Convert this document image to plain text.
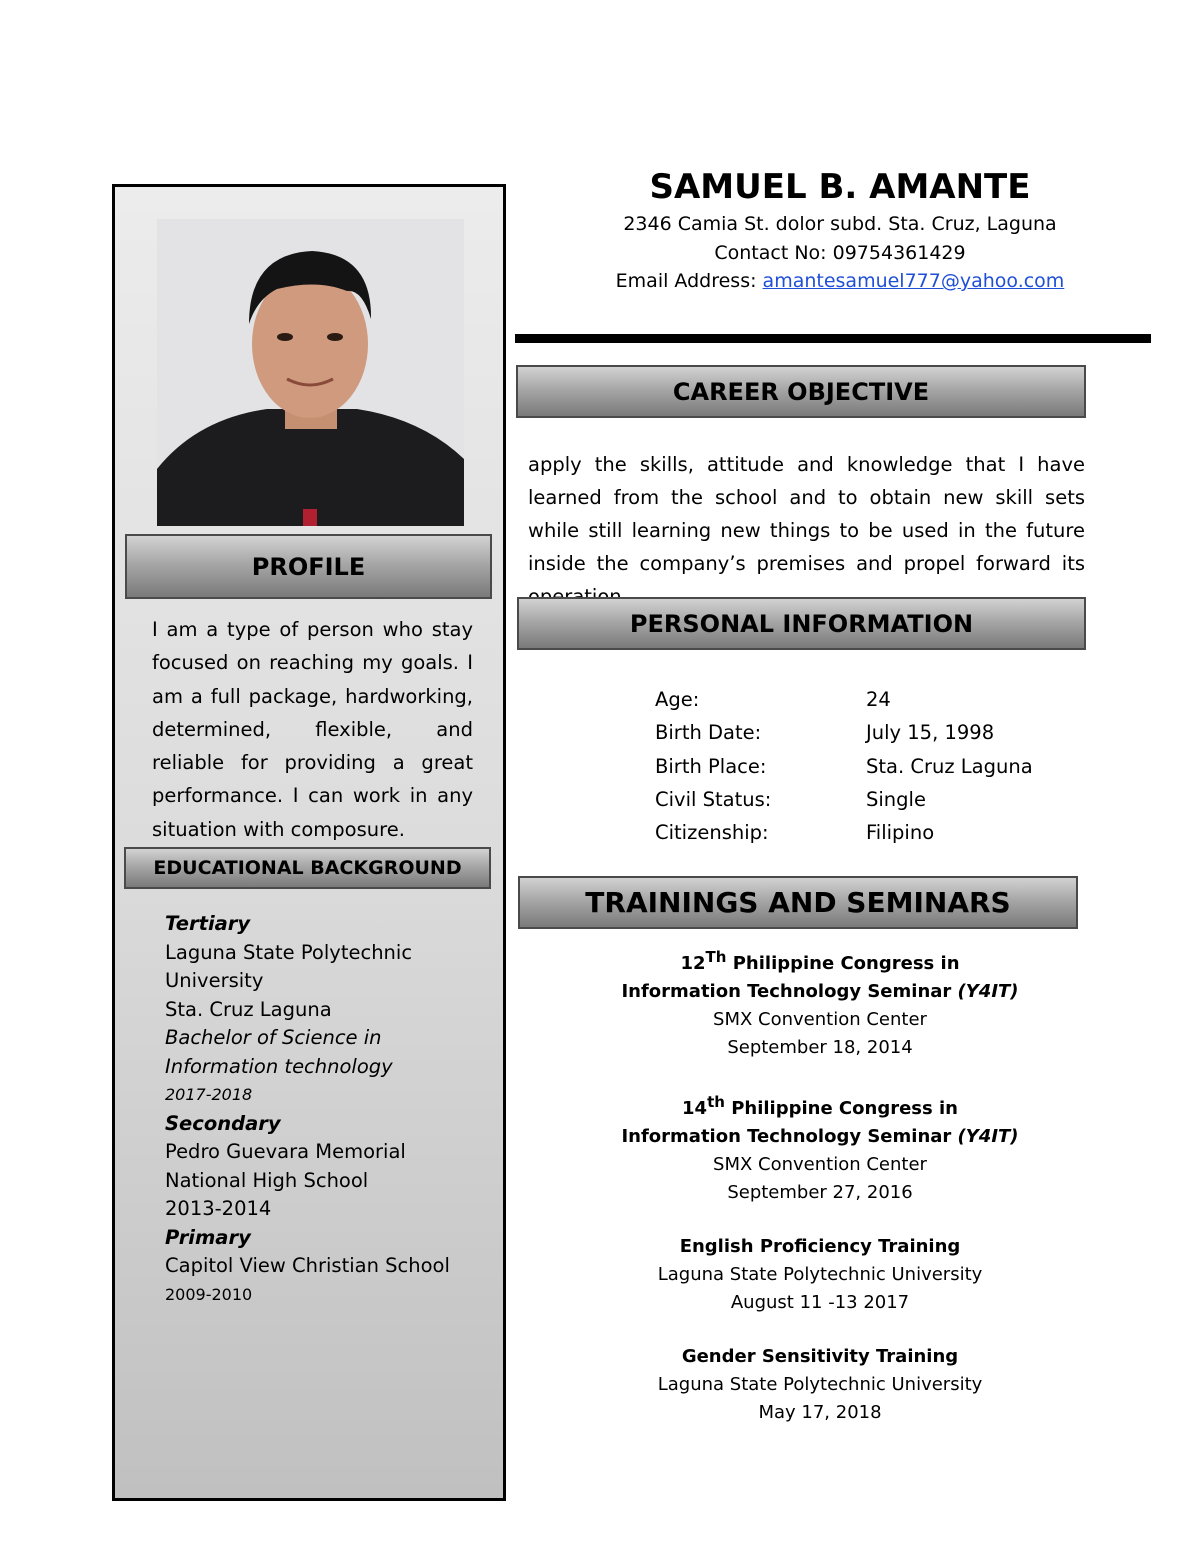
PROFILE
I am a type of person who stay focused on reaching my goals. I am a full package, hardworking, determined, flexible, and reliable for providing a great performance. I can work in any situation with composure.
EDUCATIONAL BACKGROUND
Tertiary
Laguna State Polytechnic
University
Sta. Cruz Laguna
Bachelor of Science in
Information technology
2017-2018
Secondary
Pedro Guevara Memorial
National High School
2013-2014
Primary
Capitol View Christian School
2009-2010
SAMUEL B. AMANTE
2346 Camia St. dolor subd. Sta. Cruz, Laguna
Contact No: 09754361429
Email Address: amantesamuel777@yahoo.com
CAREER OBJECTIVE
apply the skills, attitude and knowledge that I have learned from the school and to obtain new skill sets while still learning new things to be used in the future inside the company’s premises and propel forward its
PERSONAL INFORMATION
Age:	24
Birth Date:	July 15, 1998
Birth Place:	Sta. Cruz Laguna
Civil Status:	Single
Citizenship:	Filipino
TRAININGS AND SEMINARS
12Th Philippine Congress in
Information Technology Seminar (Y4IT)
SMX Convention Center
September 18, 2014
14th Philippine Congress in
Information Technology Seminar (Y4IT)
SMX Convention Center
September 27, 2016
English Proficiency Training
Laguna State Polytechnic University
August 11 -13 2017
Gender Sensitivity Training
Laguna State Polytechnic University
May 17, 2018
